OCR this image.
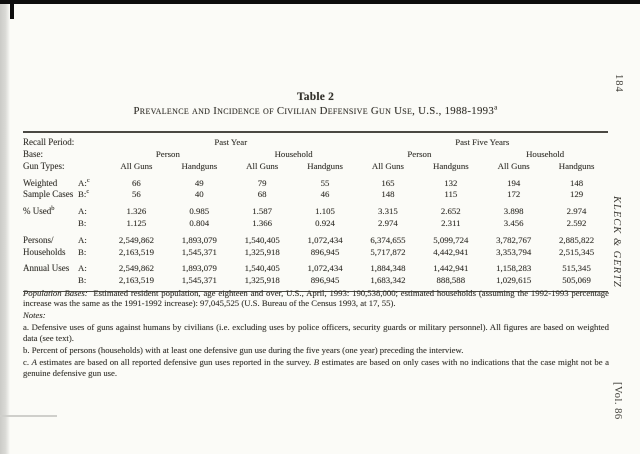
Table 2
Prevalence and Incidence of Civilian Defensive Gun Use, U.S., 1988-1993$^a$
Recall Period:		Past Year				Past Five Years			
Base:		Person		Household		Person		Household	
Gun Types:		All Guns	Handguns	All Guns	Handguns	All Guns	Handguns	All Guns	Handguns
Weighted	A:$^c$	66	49	79	55	165	132	194	148
Sample Cases	B:$^c$	56	40	68	46	148	115	172	129
% Used$^b$	A:	1.326	0.985	1.587	1.105	3.315	2.652	3.898	2.974
	B:	1.125	0.804	1.366	0.924	2.974	2.311	3.456	2.592
Persons/	A:	2,549,862	1,893,079	1,540,405	1,072,434	6,374,655	5,099,724	3,782,767	2,885,822
Households	B:	2,163,519	1,545,371	1,325,918	896,945	5,717,872	4,442,941	3,353,794	2,515,345
Annual Uses	A:	2,549,862	1,893,079	1,540,405	1,072,434	1,884,348	1,442,941	1,158,283	515,345
	B:	2,163,519	1,545,371	1,325,918	896,945	1,683,342	888,588	1,029,615	505,069

Population Bases: Estimated resident population, age eighteen and over, U.S., April, 1993: 190,538,000; estimated households (assuming the 1992-1993 percentage increase was the same as the 1991-1992 increase): 97,045,525 (U.S. Bureau of the Census 1993, at 17, 55).

Notes:

a. Defensive uses of guns against humans by civilians (i.e. excluding uses by police officers, security guards or military personnel). All figures are based on weighted data (see text).

b. Percent of persons (households) with at least one defensive gun use during the five years (one year) preceding the interview.

c. A estimates are based on all reported defensive gun uses reported in the survey. B estimates are based on only cases with no indications that the case might not be a genuine defensive gun use.

184
KLECK & GERTZ
[Vol. 86
